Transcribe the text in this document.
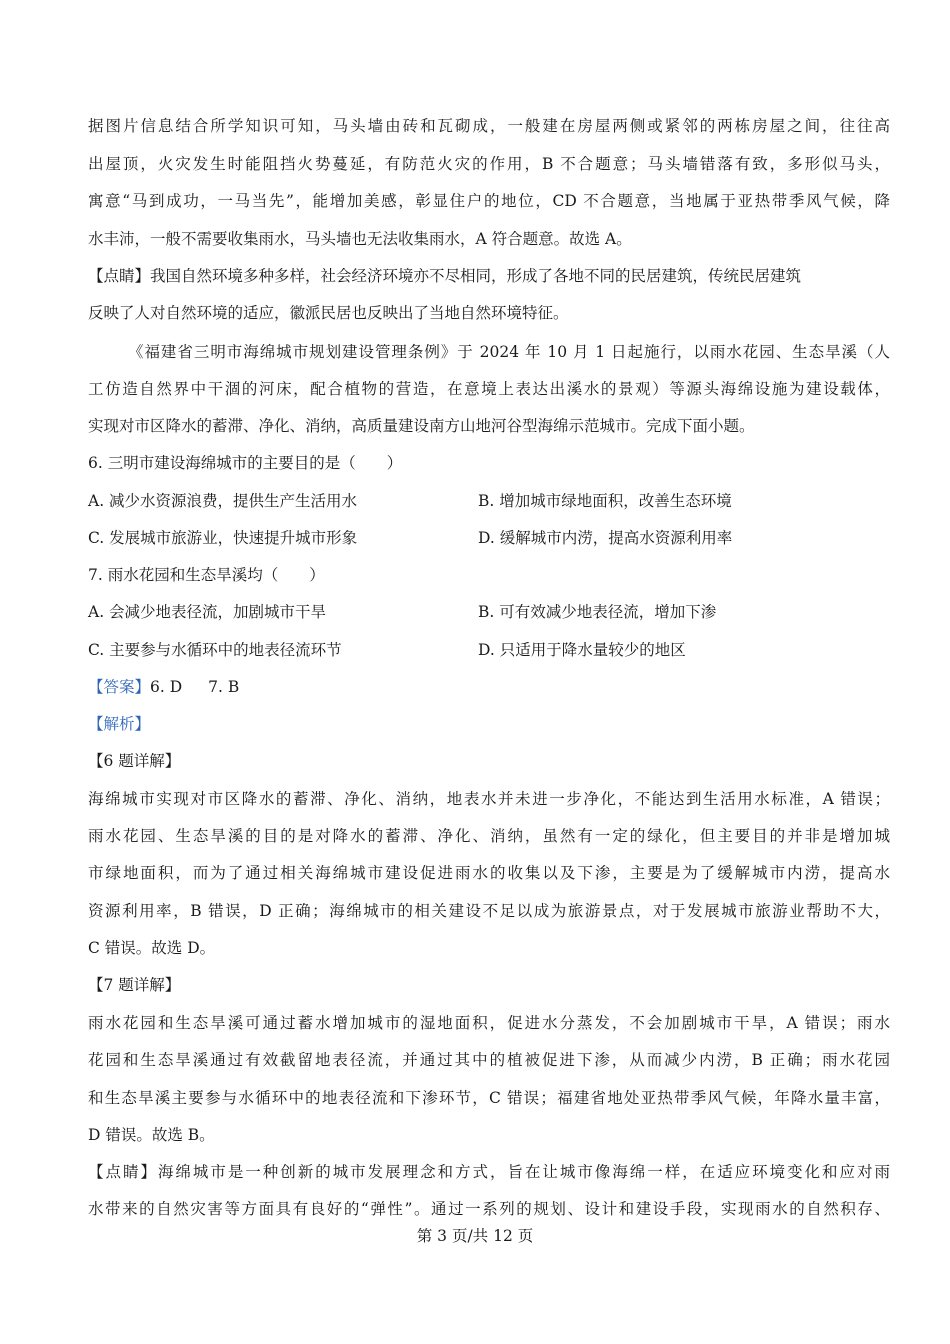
据图片信息结合所学知识可知，马头墙由砖和瓦砌成，一般建在房屋两侧或紧邻的两栋房屋之间，往往高
出屋顶，火灾发生时能阻挡火势蔓延，有防范火灾的作用，B 不合题意；马头墙错落有致，多形似马头，
寓意“马到成功，一马当先”，能增加美感，彰显住户的地位，CD 不合题意，当地属于亚热带季风气候，降
水丰沛，一般不需要收集雨水，马头墙也无法收集雨水，A 符合题意。故选 A。
【点睛】我国自然环境多种多样，社会经济环境亦不尽相同，形成了各地不同的民居建筑，传统民居建筑
反映了人对自然环境的适应，徽派民居也反映出了当地自然环境特征。
《福建省三明市海绵城市规划建设管理条例》于 2024 年 10 月 1 日起施行，以雨水花园、生态旱溪（人
工仿造自然界中干涸的河床，配合植物的营造，在意境上表达出溪水的景观）等源头海绵设施为建设载体，
实现对市区降水的蓄滞、净化、消纳，高质量建设南方山地河谷型海绵示范城市。完成下面小题。
6. 三明市建设海绵城市的主要目的是（　　）
A. 减少水资源浪费，提供生产生活用水	B. 增加城市绿地面积，改善生态环境
C. 发展城市旅游业，快速提升城市形象	D. 缓解城市内涝，提高水资源利用率
7. 雨水花园和生态旱溪均（　　）
A. 会减少地表径流，加剧城市干旱	B. 可有效减少地表径流，增加下渗
C. 主要参与水循环中的地表径流环节	D. 只适用于降水量较少的地区
【答案】6. D 7. B
【解析】
【6 题详解】
海绵城市实现对市区降水的蓄滞、净化、消纳，地表水并未进一步净化，不能达到生活用水标准，A 错误；
雨水花园、生态旱溪的目的是对降水的蓄滞、净化、消纳，虽然有一定的绿化，但主要目的并非是增加城
市绿地面积，而为了通过相关海绵城市建设促进雨水的收集以及下渗，主要是为了缓解城市内涝，提高水
资源利用率，B 错误，D 正确；海绵城市的相关建设不足以成为旅游景点，对于发展城市旅游业帮助不大，
C 错误。故选 D。
【7 题详解】
雨水花园和生态旱溪可通过蓄水增加城市的湿地面积，促进水分蒸发，不会加剧城市干旱，A 错误；雨水
花园和生态旱溪通过有效截留地表径流，并通过其中的植被促进下渗，从而减少内涝，B 正确；雨水花园
和生态旱溪主要参与水循环中的地表径流和下渗环节，C 错误；福建省地处亚热带季风气候，年降水量丰富，
D 错误。故选 B。
【点睛】海绵城市是一种创新的城市发展理念和方式，旨在让城市像海绵一样，在适应环境变化和应对雨
水带来的自然灾害等方面具有良好的“弹性”。通过一系列的规划、设计和建设手段，实现雨水的自然积存、
第 3 页/共 12 页
